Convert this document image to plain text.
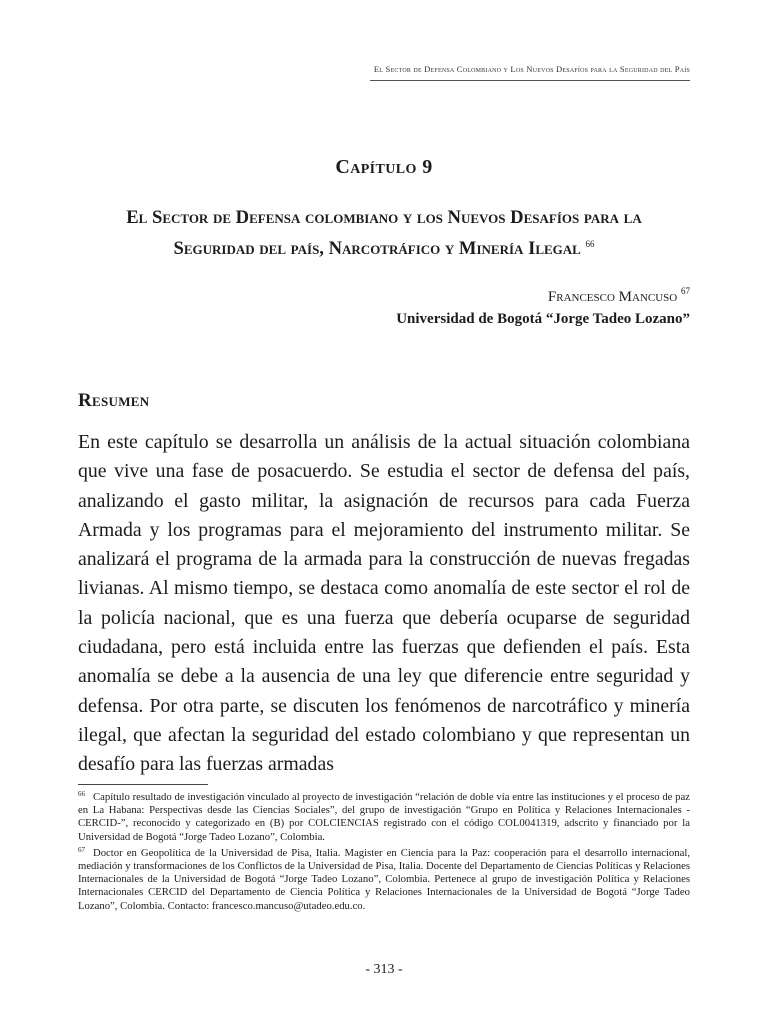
El Sector de Defensa Colombiano y Los Nuevos Desafíos para la Seguridad del País
Capítulo 9
El Sector de Defensa colombiano y los Nuevos Desafíos para la
Seguridad del país, Narcotráfico y Minería Ilegal $^{66}$
Francesco Mancuso $^{67}$
Universidad de Bogotá “Jorge Tadeo Lozano”
Resumen

En este capítulo se desarrolla un análisis de la actual situación colombiana que vive una fase de posacuerdo. Se estudia el sector de defensa del país, analizando el gasto militar, la asignación de recursos para cada Fuerza Armada y los programas para el mejoramiento del instrumento militar. Se analizará el programa de la armada para la construcción de nuevas fregadas livianas. Al mismo tiempo, se destaca como anomalía de este sector el rol de la policía nacional, que es una fuerza que debería ocuparse de seguridad ciudadana, pero está incluida entre las fuerzas que defienden el país. Esta anomalía se debe a la ausencia de una ley que diferencie entre seguridad y defensa. Por otra parte, se discuten los fenómenos de narcotráfico y minería ilegal, que afectan la seguridad del estado colombiano y que representan un desafío para las fuerzas armadas

$^{66}$ Capítulo resultado de investigación vinculado al proyecto de investigación “relación de doble vía entre las instituciones y el proceso de paz en La Habana: Perspectivas desde las Ciencias Sociales”, del grupo de investigación “Grupo en Política y Relaciones Internacionales -CERCID-”, reconocido y categorizado en (B) por COLCIENCIAS registrado con el código COL0041319, adscrito y financiado por la Universidad de Bogotá “Jorge Tadeo Lozano”, Colombia.

$^{67}$ Doctor en Geopolítica de la Universidad de Pisa, Italia. Magister en Ciencia para la Paz: cooperación para el desarrollo internacional, mediación y transformaciones de los Conflictos de la Universidad de Pisa, Italia. Docente del Departamento de Ciencias Políticas y Relaciones Internacionales de la Universidad de Bogotá “Jorge Tadeo Lozano”, Colombia. Pertenece al grupo de investigación Política y Relaciones Internacionales CERCID del Departamento de Ciencia Política y Relaciones Internacionales de la Universidad de Bogotá “Jorge Tadeo Lozano”, Colombia. Contacto: francesco.mancuso@utadeo.edu.co.

- 313 -
